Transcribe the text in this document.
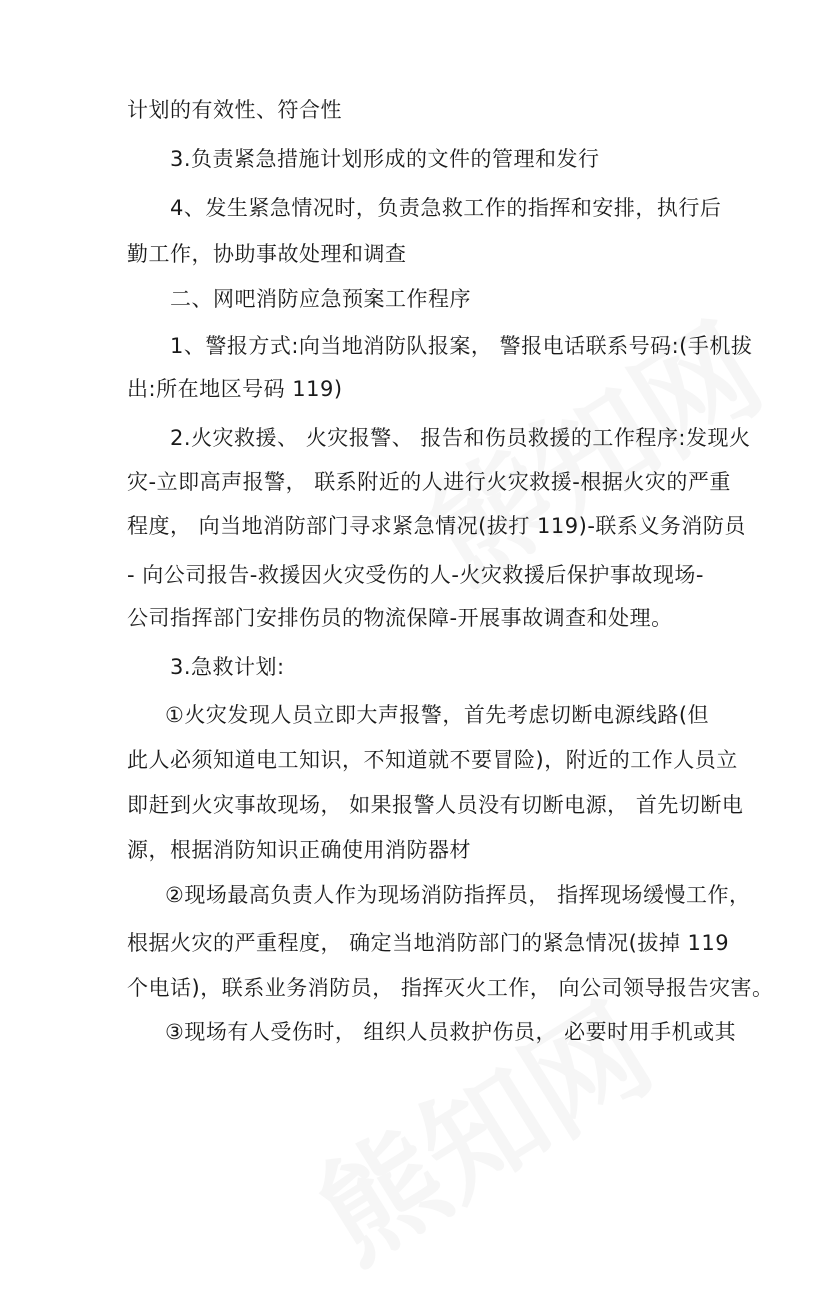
计划的有效性、符合性
3.负责紧急措施计划形成的文件的管理和发行
4、发生紧急情况时，负责急救工作的指挥和安排，执行后
勤工作，协助事故处理和调查
二、网吧消防应急预案工作程序
1、警报方式:向当地消防队报案， 警报电话联系号码:(手机拔
出:所在地区号码 119)
2.火灾救援、 火灾报警、 报告和伤员救援的工作程序:发现火
灾-立即高声报警， 联系附近的人进行火灾救援-根据火灾的严重
程度， 向当地消防部门寻求紧急情况(拔打 119)-联系义务消防员
- 向公司报告-救援因火灾受伤的人-火灾救援后保护事故现场-
公司指挥部门安排伤员的物流保障-开展事故调查和处理。
3.急救计划:
①火灾发现人员立即大声报警，首先考虑切断电源线路(但
此人必须知道电工知识，不知道就不要冒险)，附近的工作人员立
即赶到火灾事故现场， 如果报警人员没有切断电源， 首先切断电
源，根据消防知识正确使用消防器材
②现场最高负责人作为现场消防指挥员， 指挥现场缓慢工作，
根据火灾的严重程度， 确定当地消防部门的紧急情况(拔掉 119
个电话)，联系业务消防员， 指挥灭火工作， 向公司领导报告灾害。
③现场有人受伤时， 组织人员救护伤员， 必要时用手机或其
